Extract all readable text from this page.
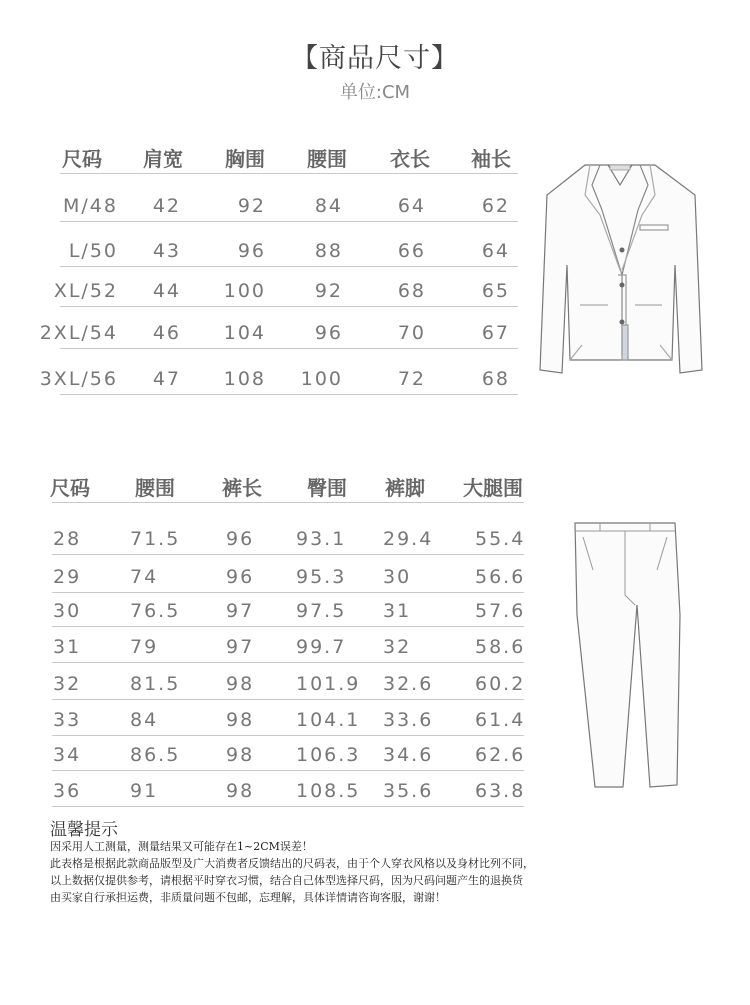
【商品尺寸】
单位:CM
尺码 肩宽 胸围 腰围 衣长 袖长
M/48 42	92	84	64	62
L/50 43	96	88	66	64
XL/52 44 100	92	68	65
2XL/54 46 104	96	70	67
3XL/56 47 108 100	72	68
尺码 腰围 裤长 臀围 裤脚 大腿围
28	71.5 96 93.1 29.4 55.4
29	74	96 95.3 30	56.6
30	76.5 97 97.5 31	57.6
31	79	97 99.7 32	58.6
32	81.5 98 101.9 32.6 60.2
33	84	98 104.1 33.6 61.4
34	86.5 98 106.3 34.6 62.6
36	91	98 108.5 35.6 63.8
温馨提示
因采用人工测量，测量结果又可能存在1~2CM误差！
此表格是根据此款商品版型及广大消费者反馈结出的尺码表，由于个人穿衣风格以及身材比列不同，
以上数据仅提供参考，请根据平时穿衣习惯，结合自己体型选择尺码，因为尺码问题产生的退换货
由买家自行承担运费，非质量问题不包邮，忘理解，具体详情请咨询客服，谢谢！
